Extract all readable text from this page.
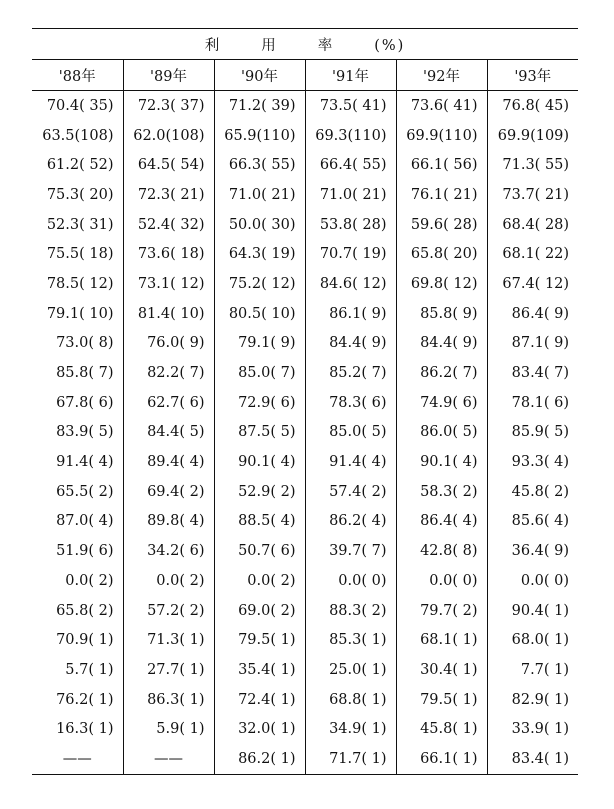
利 用 率 (%)					
'88年	'89年	'90年	'91年	'92年	'93年
70.4( 35)	72.3( 37)	71.2( 39)	73.5( 41)	73.6( 41)	76.8( 45)
63.5(108)	62.0(108)	65.9(110)	69.3(110)	69.9(110)	69.9(109)
61.2( 52)	64.5( 54)	66.3( 55)	66.4( 55)	66.1( 56)	71.3( 55)
75.3( 20)	72.3( 21)	71.0( 21)	71.0( 21)	76.1( 21)	73.7( 21)
52.3( 31)	52.4( 32)	50.0( 30)	53.8( 28)	59.6( 28)	68.4( 28)
75.5( 18)	73.6( 18)	64.3( 19)	70.7( 19)	65.8( 20)	68.1( 22)
78.5( 12)	73.1( 12)	75.2( 12)	84.6( 12)	69.8( 12)	67.4( 12)
79.1( 10)	81.4( 10)	80.5( 10)	86.1( 9)	85.8( 9)	86.4( 9)
73.0( 8)	76.0( 9)	79.1( 9)	84.4( 9)	84.4( 9)	87.1( 9)
85.8( 7)	82.2( 7)	85.0( 7)	85.2( 7)	86.2( 7)	83.4( 7)
67.8( 6)	62.7( 6)	72.9( 6)	78.3( 6)	74.9( 6)	78.1( 6)
83.9( 5)	84.4( 5)	87.5( 5)	85.0( 5)	86.0( 5)	85.9( 5)
91.4( 4)	89.4( 4)	90.1( 4)	91.4( 4)	90.1( 4)	93.3( 4)
65.5( 2)	69.4( 2)	52.9( 2)	57.4( 2)	58.3( 2)	45.8( 2)
87.0( 4)	89.8( 4)	88.5( 4)	86.2( 4)	86.4( 4)	85.6( 4)
51.9( 6)	34.2( 6)	50.7( 6)	39.7( 7)	42.8( 8)	36.4( 9)
0.0( 2)	0.0( 2)	0.0( 2)	0.0( 0)	0.0( 0)	0.0( 0)
65.8( 2)	57.2( 2)	69.0( 2)	88.3( 2)	79.7( 2)	90.4( 1)
70.9( 1)	71.3( 1)	79.5( 1)	85.3( 1)	68.1( 1)	68.0( 1)
5.7( 1)	27.7( 1)	35.4( 1)	25.0( 1)	30.4( 1)	7.7( 1)
76.2( 1)	86.3( 1)	72.4( 1)	68.8( 1)	79.5( 1)	82.9( 1)
16.3( 1)	5.9( 1)	32.0( 1)	34.9( 1)	45.8( 1)	33.9( 1)
——	——	86.2( 1)	71.7( 1)	66.1( 1)	83.4( 1)
